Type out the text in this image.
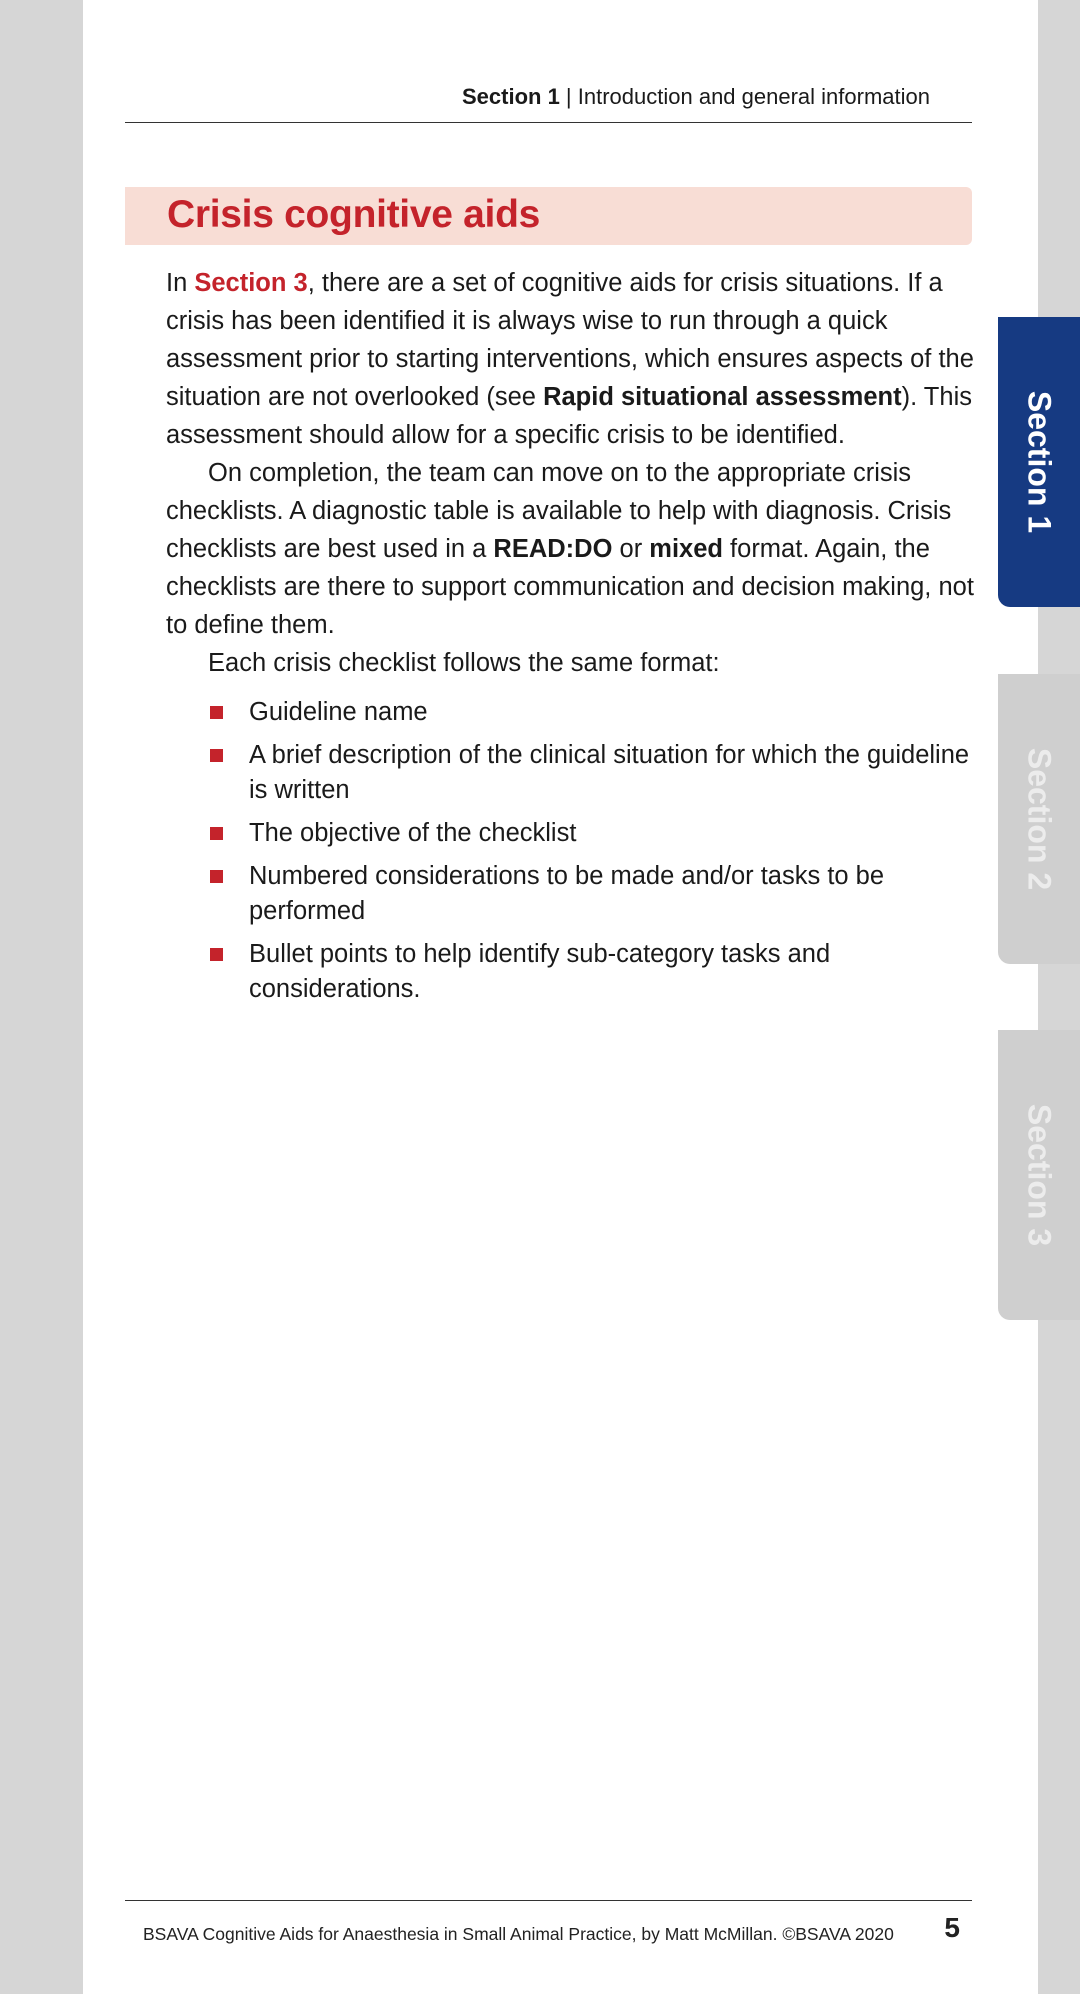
Section 1 | Introduction and general information
Crisis cognitive aids

In Section 3, there are a set of cognitive aids for crisis situations. If a crisis has been identified it is always wise to run through a quick assessment prior to starting interventions, which ensures aspects of the situation are not overlooked (see Rapid situational assessment). This assessment should allow for a specific crisis to be identified.

On completion, the team can move on to the appropriate crisis checklists. A diagnostic table is available to help with diagnosis. Crisis checklists are best used in a READ:DO or mixed format. Again, the checklists are there to support communication and decision making, not to define them.

Each crisis checklist follows the same format:

Guideline name
A brief description of the clinical situation for which the guideline is written
The objective of the checklist
Numbered considerations to be made and/or tasks to be performed
Bullet points to help identify sub-category tasks and considerations.
BSAVA Cognitive Aids for Anaesthesia in Small Animal Practice, by Matt McMillan. ©BSAVA 2020 5
Section 1
Section 2
Section 3
